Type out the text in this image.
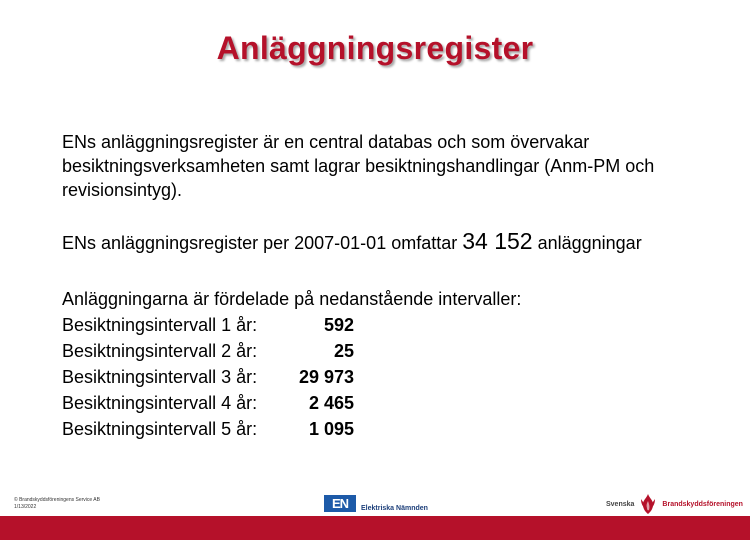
Anläggningsregister
ENs anläggningsregister är en central databas och som övervakar besiktningsverksamheten samt lagrar besiktningshandlingar (Anm-PM och revisionsintyg).
ENs anläggningsregister per 2007-01-01 omfattar 34 152 anläggningar
Anläggningarna är fördelade på nedanstående intervaller:
Besiktningsintervall 1 år:	592
Besiktningsintervall 2 år:	25
Besiktningsintervall 3 år:	29 973
Besiktningsintervall 4 år:	2 465
Besiktningsintervall 5 år:	1 095
© Brandskyddsföreningens Service AB
1/13/2022	EN	Elektriska Nämnden
Svenska	Brandskyddsföreningen
